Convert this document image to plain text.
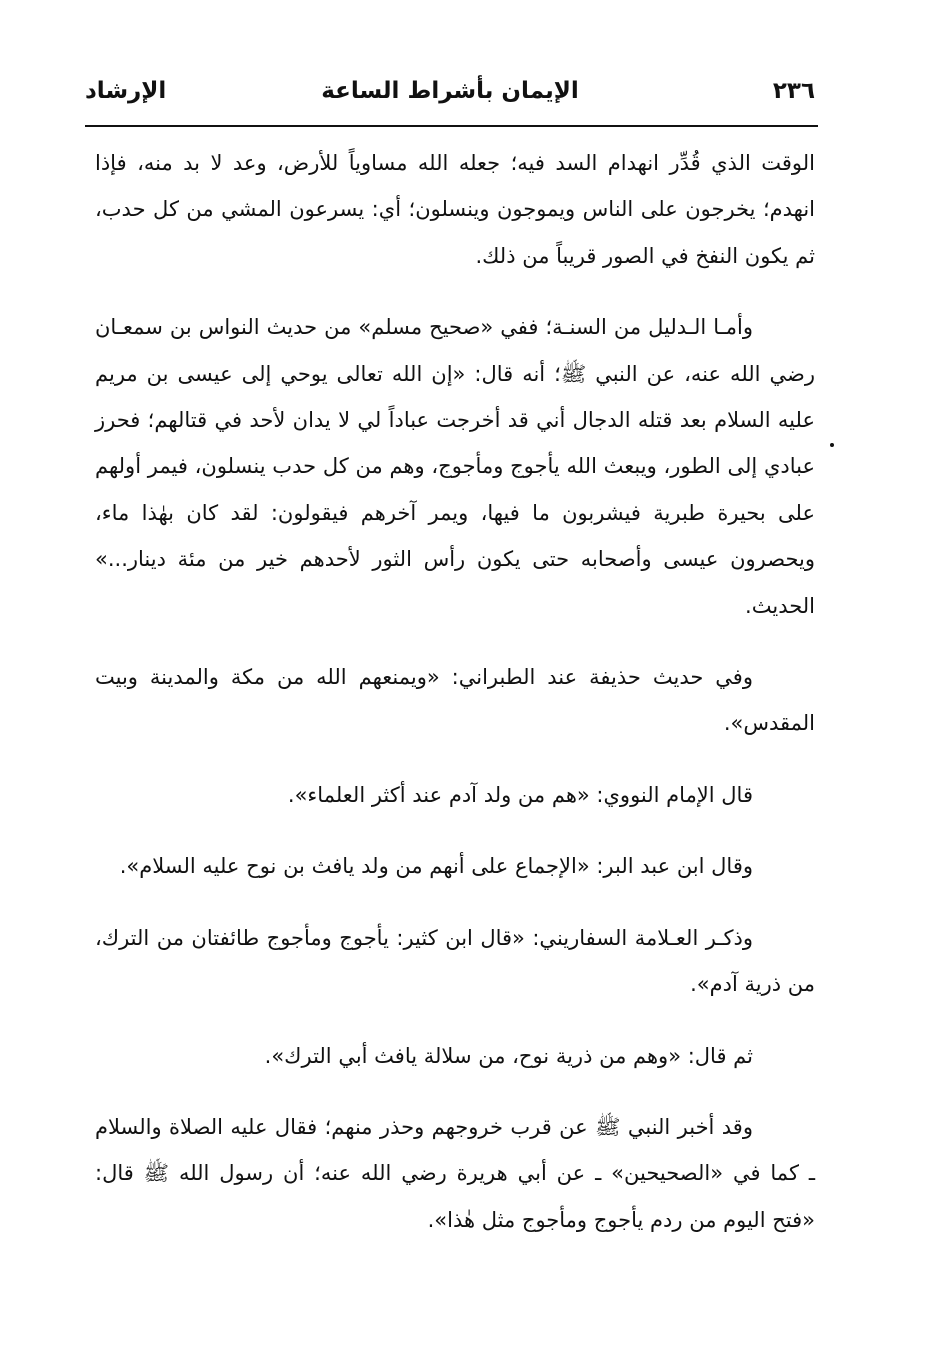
٢٣٦
الإيمان بأشراط الساعة
الإرشاد

الوقت الذي قُدِّر انهدام السد فيه؛ جعله الله مساوياً للأرض، وعد لا بد منه، فإذا انهدم؛ يخرجون على الناس ويموجون وينسلون؛ أي: يسرعون المشي من كل حدب، ثم يكون النفخ في الصور قريباً من ذلك.

وأمـا الـدليل من السنـة؛ ففي «صحيح مسلم» من حديث النواس بن سمعـان رضي الله عنه، عن النبي ﷺ؛ أنه قال: «إن الله تعالى يوحي إلى عيسى بن مريم عليه السلام بعد قتله الدجال أني قد أخرجت عباداً لي لا يدان لأحد في قتالهم؛ فحرز عبادي إلى الطور، ويبعث الله يأجوج ومأجوج، وهم من كل حدب ينسلون، فيمر أولهم على بحيرة طبرية فيشربون ما فيها، ويمر آخرهم فيقولون: لقد كان بهٰذا ماء، ويحصرون عيسى وأصحابه حتى يكون رأس الثور لأحدهم خير من مئة دينار...» الحديث.

وفي حديث حذيفة عند الطبراني: «ويمنعهم الله من مكة والمدينة وبيت المقدس».

قال الإمام النووي: «هم من ولد آدم عند أكثر العلماء».

وقال ابن عبد البر: «الإجماع على أنهم من ولد يافث بن نوح عليه السلام».

وذكـر العـلامة السفاريني: «قال ابن كثير: يأجوج ومأجوج طائفتان من الترك، من ذرية آدم».

ثم قال: «وهم من ذرية نوح، من سلالة يافث أبي الترك».

وقد أخبر النبي ﷺ عن قرب خروجهم وحذر منهم؛ فقال عليه الصلاة والسلام ـ كما في «الصحيحين» ـ عن أبي هريرة رضي الله عنه؛ أن رسول الله ﷺ قال: «فتح اليوم من ردم يأجوج ومأجوج مثل هٰذا».
